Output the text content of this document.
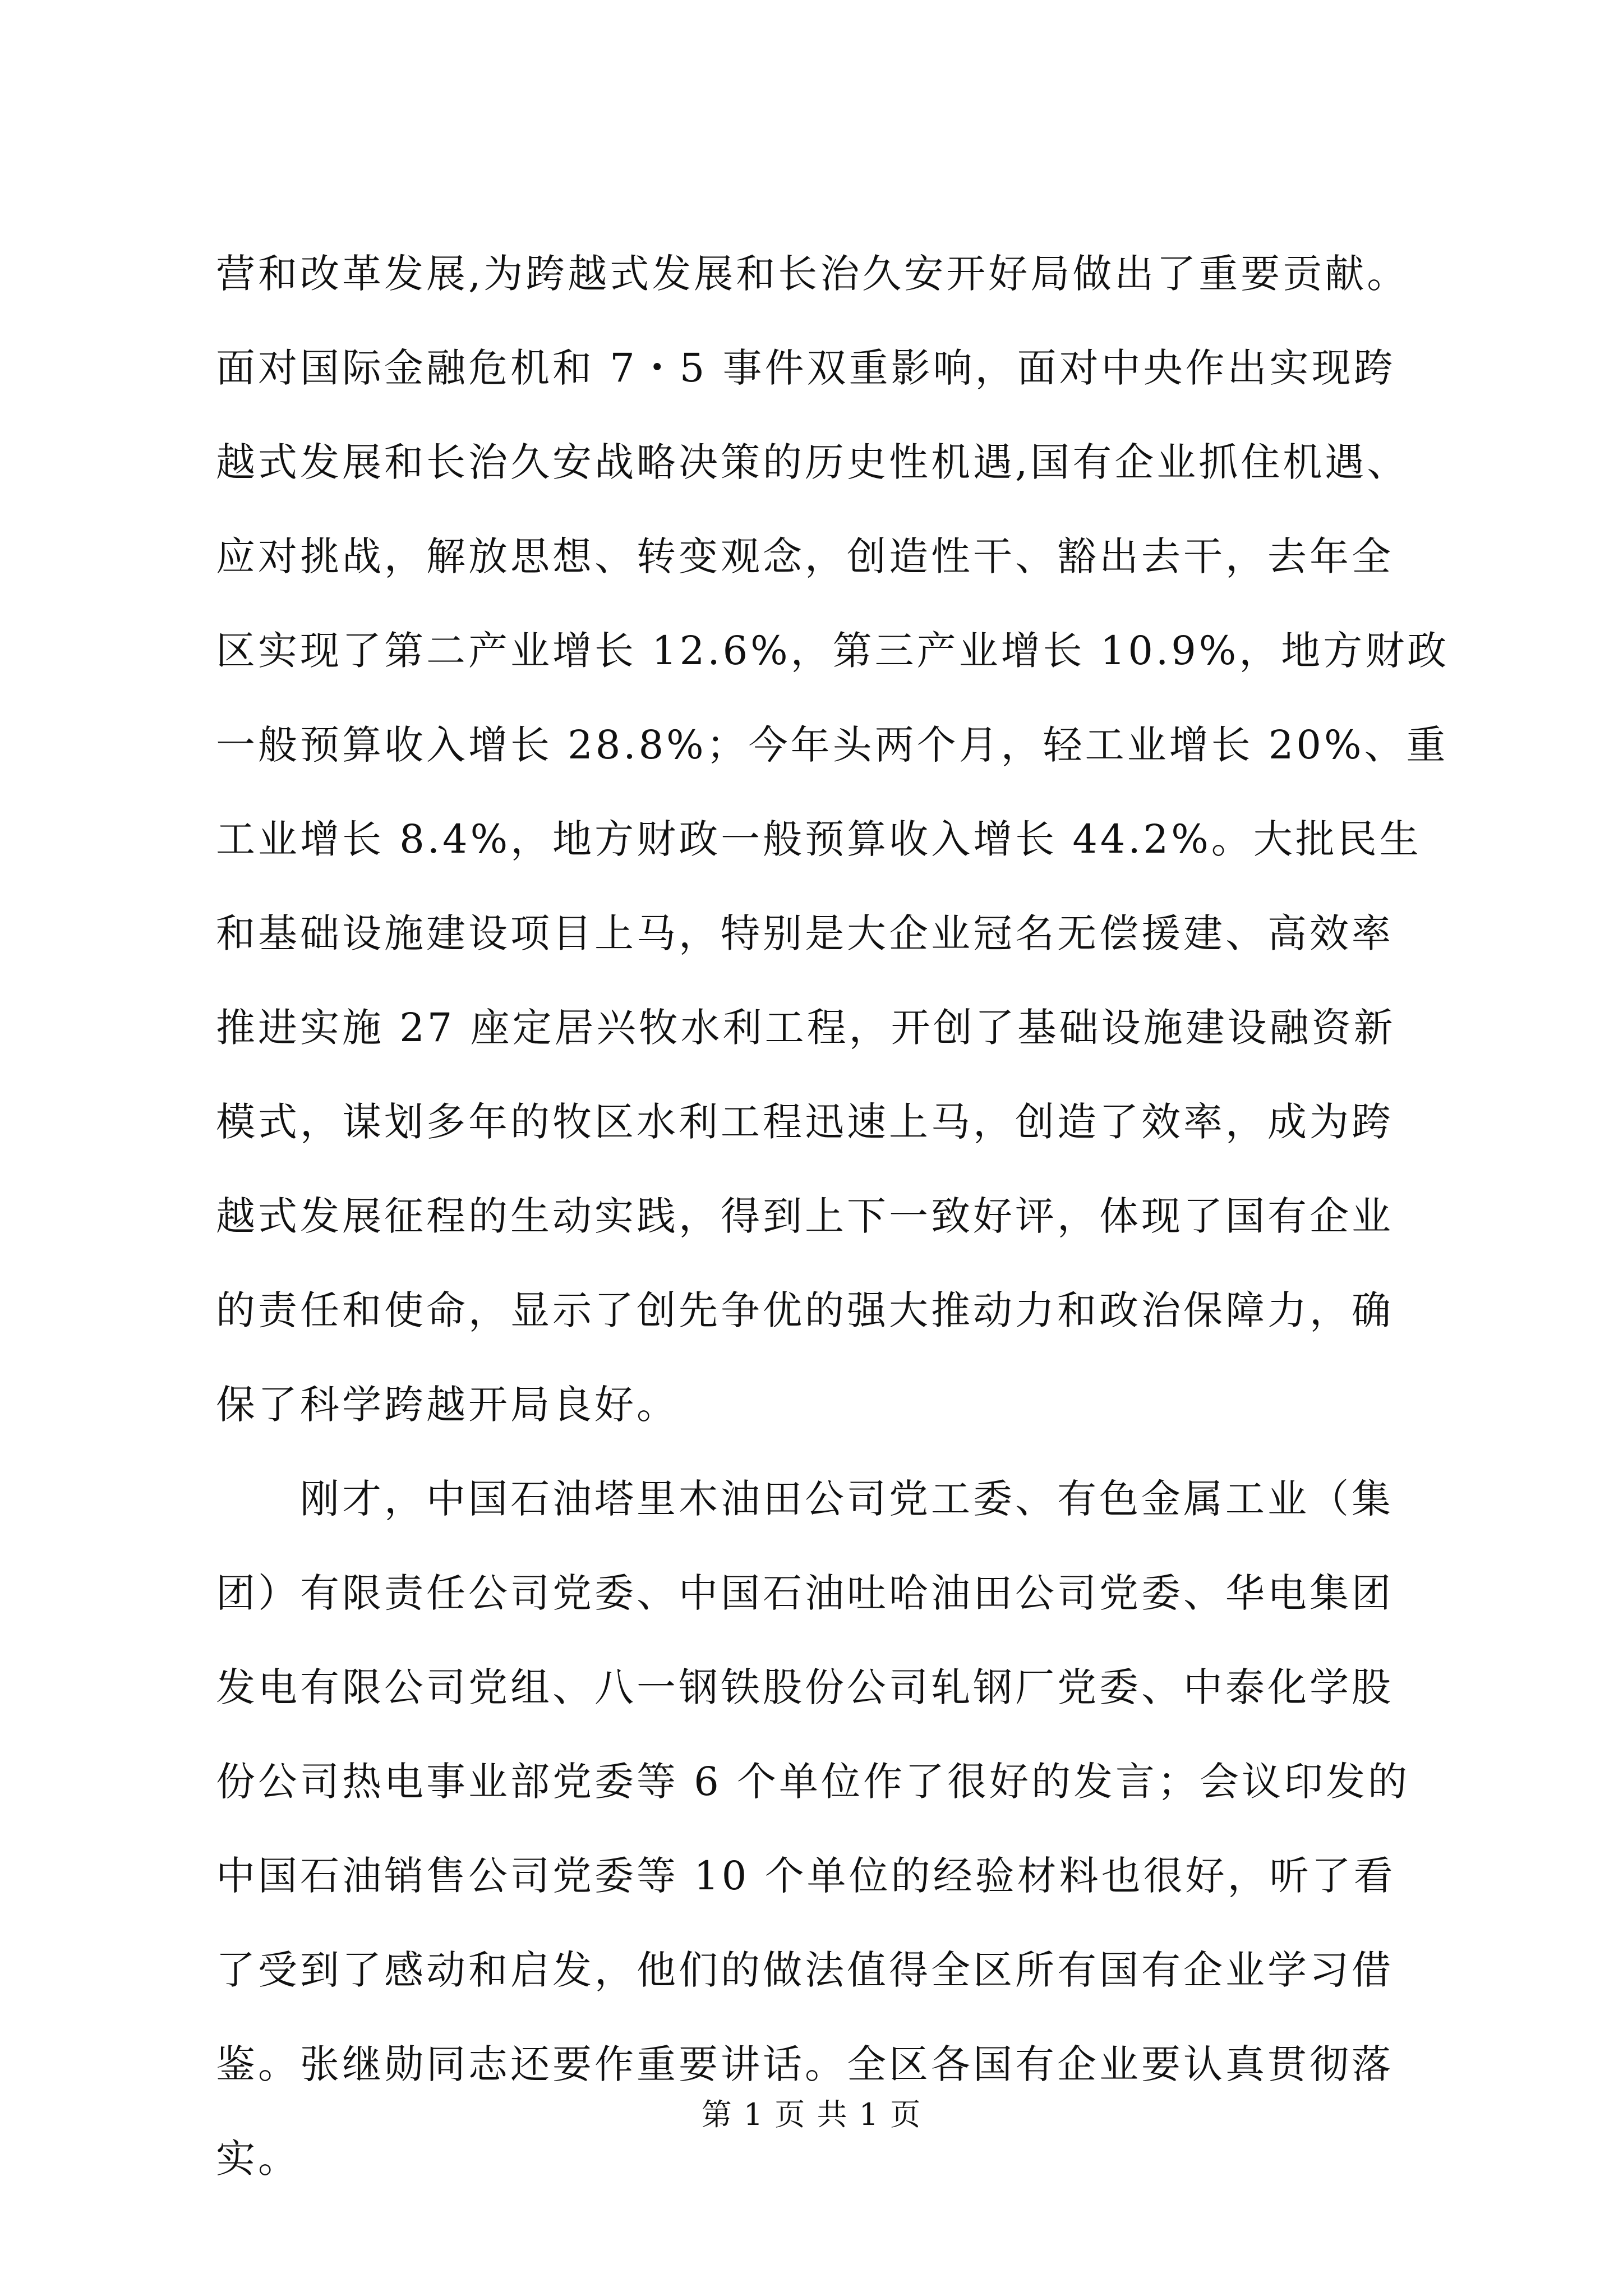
营和改革发展,为跨越式发展和长治久安开好局做出了重要贡献。
面对国际金融危机和 7・5 事件双重影响，面对中央作出实现跨
越式发展和长治久安战略决策的历史性机遇,国有企业抓住机遇、
应对挑战，解放思想、转变观念，创造性干、豁出去干，去年全
区实现了第二产业增长 12.6%，第三产业增长 10.9%，地方财政
一般预算收入增长 28.8%；今年头两个月，轻工业增长 20%、重
工业增长 8.4%，地方财政一般预算收入增长 44.2%。大批民生
和基础设施建设项目上马，特别是大企业冠名无偿援建、高效率
推进实施 27 座定居兴牧水利工程，开创了基础设施建设融资新
模式，谋划多年的牧区水利工程迅速上马，创造了效率，成为跨
越式发展征程的生动实践，得到上下一致好评，体现了国有企业
的责任和使命，显示了创先争优的强大推动力和政治保障力，确
保了科学跨越开局良好。
刚才，中国石油塔里木油田公司党工委、有色金属工业（集
团）有限责任公司党委、中国石油吐哈油田公司党委、华电集团
发电有限公司党组、八一钢铁股份公司轧钢厂党委、中泰化学股
份公司热电事业部党委等 6 个单位作了很好的发言；会议印发的
中国石油销售公司党委等 10 个单位的经验材料也很好，听了看
了受到了感动和启发，他们的做法值得全区所有国有企业学习借
鉴。张继勋同志还要作重要讲话。全区各国有企业要认真贯彻落
实。
第 1 页 共 1 页
